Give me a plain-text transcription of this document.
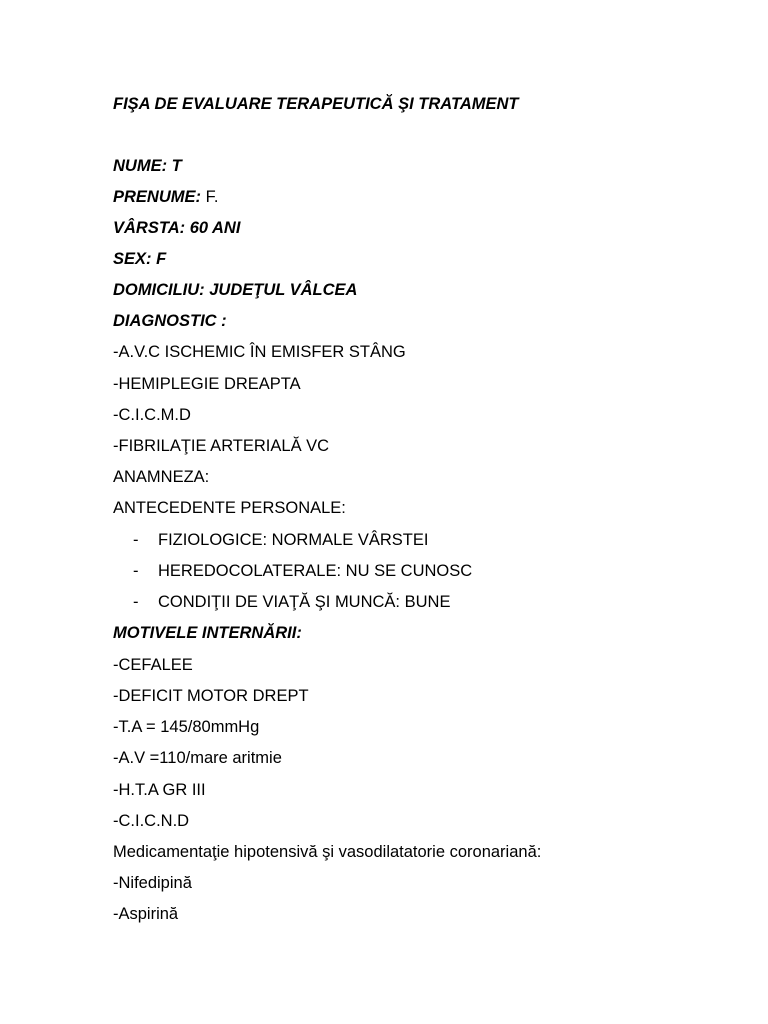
FIŞA DE EVALUARE TERAPEUTICĂ ŞI TRATAMENT
NUME: T
PRENUME: F.
VÂRSTA: 60 ANI
SEX: F
DOMICILIU: JUDEŢUL VÂLCEA
DIAGNOSTIC :
-A.V.C ISCHEMIC ÎN EMISFER STÂNG
-HEMIPLEGIE DREAPTA
-C.I.C.M.D
-FIBRILAŢIE ARTERIALĂ VC
ANAMNEZA:
ANTECEDENTE PERSONALE:
- FIZIOLOGICE: NORMALE VÂRSTEI
- HEREDOCOLATERALE: NU SE CUNOSC
- CONDIŢII DE VIAŢĂ ŞI MUNCĂ: BUNE
MOTIVELE INTERNĂRII:
-CEFALEE
-DEFICIT MOTOR DREPT
-T.A = 145/80mmHg
-A.V =110/mare aritmie
-H.T.A GR III
-C.I.C.N.D
Medicamentaţie hipotensivă şi vasodilatatorie coronariană:
-Nifedipină
-Aspirină
